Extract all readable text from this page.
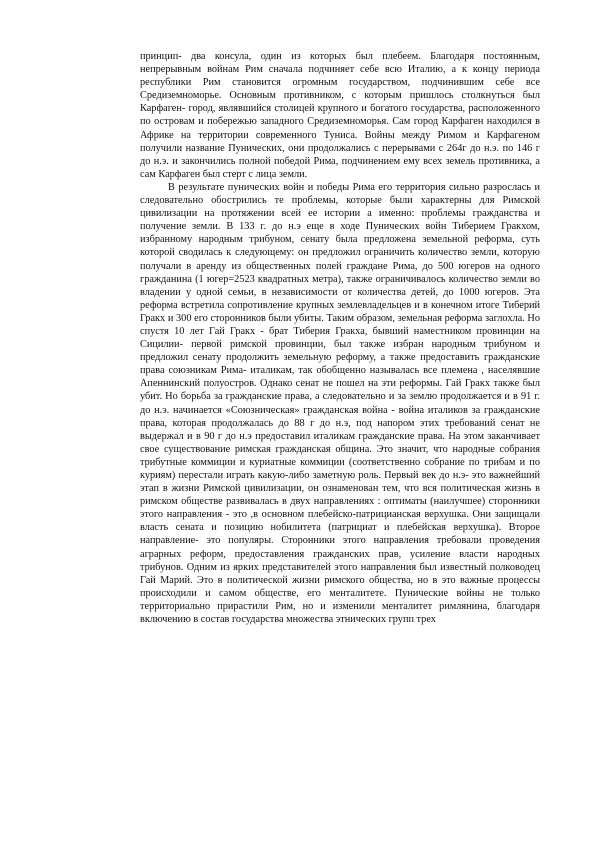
принцип- два консула, один из которых был плебеем. Благодаря постоянным, непрерывным войнам Рим сначала подчиняет себе всю Италию, а к концу периода республики Рим становится огромным государством, подчинившим себе все Средиземноморье. Основным противником, с которым пришлось столкнуться был Карфаген- город, являвшийся столицей крупного и богатого государства, расположенного по островам и побережью западного Средиземноморья. Сам город Карфаген находился в Африке на территории современного Туниса. Войны между Римом и Карфагеном получили название Пунических, они продолжались с перерывами с 264г до н.э. по 146 г до н.э. и закончились полной победой Рима, подчинением ему всех земель противника, а сам Карфаген был стерт с лица земли.

В результате пунических войн и победы Рима его территория сильно разрослась и следовательно обострились те проблемы, которые были характерны для Римской цивилизации на протяжении всей ее истории а именно: проблемы гражданства и получение земли. В 133 г. до н.э еще в ходе Пунических войн Тиберием Гракхом, избранному народным трибуном, сенату была предложена земельной реформа, суть которой сводилась к следующему: он предложил ограничить количество земли, которую получали в аренду из общественных полей граждане Рима, до 500 югеров на одного гражданина (1 югер=2523 квадратных метра), также ограничивалось количество земли во владении у одной семьи, в независимости от количества детей, до 1000 югеров. Эта реформа встретила сопротивление крупных землевладельцев и в конечном итоге Тиберий Гракх и 300 его сторонников были убиты. Таким образом, земельная реформа заглохла. Но спустя 10 лет Гай Гракх - брат Тиберия Гракха, бывший наместником провинции на Сицилии- первой римской провинции, был также избран народным трибуном и предложил сенату продолжить земельную реформу, а также предоставить гражданские права союзникам Рима- италикам, так обобщенно называлась все племена , населявшие Апеннинский полуостров. Однако сенат не пошел на эти реформы. Гай Гракх также был убит. Но борьба за гражданские права, а следовательно и за землю продолжается и в 91 г. до н.э. начинается «Союзническая» гражданская война - война италиков за гражданские права, которая продолжалась до 88 г до н.э, под напором этих требований сенат не выдержал и в 90 г до н.э предоставил италикам гражданские права. На этом заканчивает свое существование римская гражданская община. Это значит, что народные собрания трибутные коммиции и куриатные коммиции (соответственно собрание по трибам и по куриям) перестали играть какую-либо заметную роль. Первый век до н.э- это важнейший этап в жизни Римской цивилизации, он ознаменован тем, что вся политическая жизнь в римском обществе развивалась в двух направлениях : оптиматы (наилучшее) сторонники этого направления - это ,в основном плебейско-патрицианская верхушка. Они защищали власть сената и позицию нобилитета (патрициат и плебейская верхушка). Второе направление- это популяры. Сторонники этого направления требовали проведения аграрных реформ, предоставления гражданских прав, усиление власти народных трибунов. Одним из ярких представителей этого направления был известный полководец Гай Марий. Это в политической жизни римского общества, но в это важные процессы происходили и самом обществе, его менталитете. Пунические войны не только территориально прирастили Рим, но и изменили менталитет римлянина, благодаря включению в состав государства множества этнических групп трех
